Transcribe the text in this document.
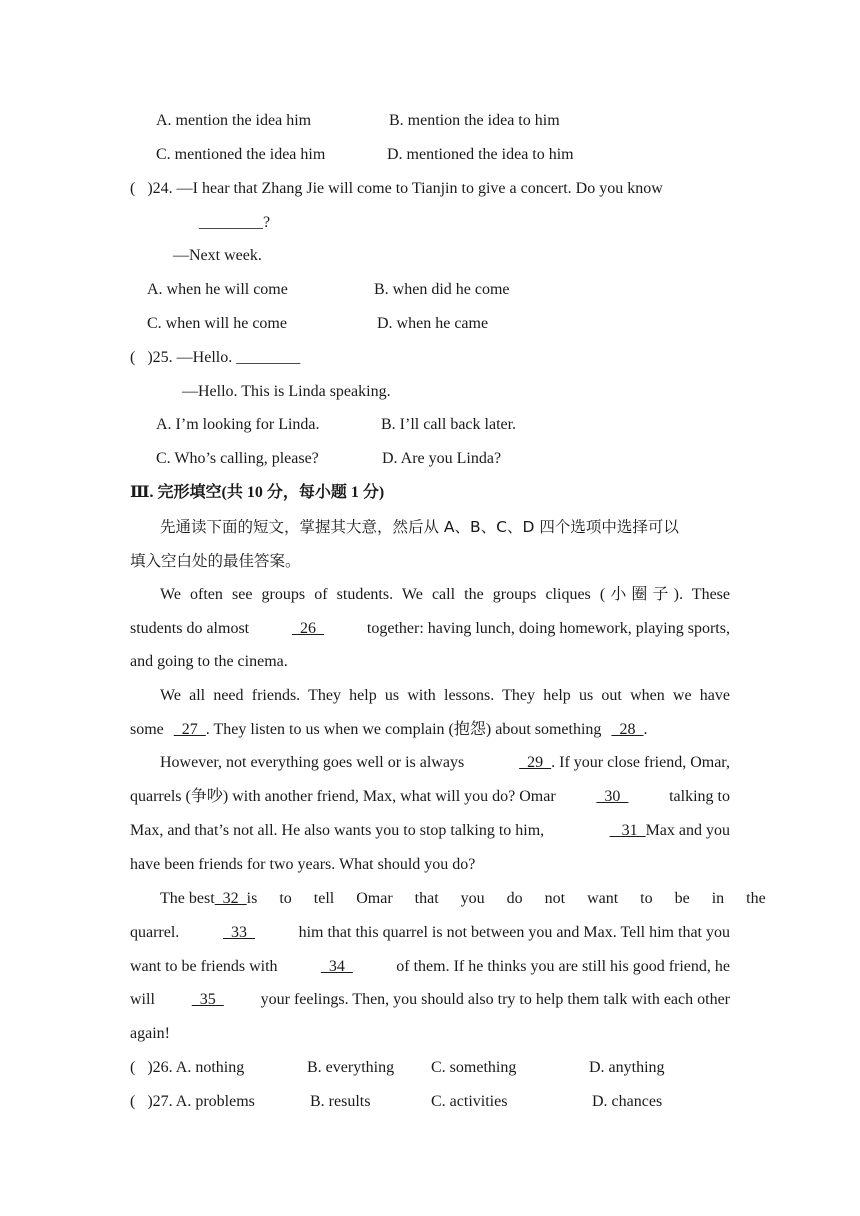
A. mention the idea him	B. mention the idea to him
C. mentioned the idea him	D. mentioned the idea to him
(   )24. —I hear that Zhang Jie will come to Tianjin to give a concert. Do you know
________?
—Next week.
A. when he will come	B. when did he come
C. when will he come	D. when he came
(   )25. —Hello. ________
—Hello. This is Linda speaking.
A. I’m looking for Linda.	B. I’ll call back later.
C. Who’s calling, please?	D. Are you Linda?
Ⅲ. 完形填空(共 10 分，每小题 1 分)
先通读下面的短文，掌握其大意，然后从 A、B、C、D 四个选项中选择可以
填入空白处的最佳答案。
We often see groups of students. We call the groups cliques (小圈子). These
students do almost	26	together: having lunch, doing homework, playing sports,
and going to the cinema.
We all need friends. They help us with lessons. They help us out when we have
some   27  . They listen to us when we complain (抱怨) about something   28  .
However, not everything goes well or is always	29  . If your close friend, Omar,
quarrels (争吵) with another friend, Max, what will you do? Omar	30	talking to
Max, and that’s not all. He also wants you to stop talking to him,	31  Max and you
have been friends for two years. What should you do?
The best 32 is to tell Omar that you do not want to be in the
quarrel.	33	him that this quarrel is not between you and Max. Tell him that you
want to be friends with	34	of them. If he thinks you are still his good friend, he
will 35 your feelings. Then, you should also try to help them talk with each other
again!
(   )26. A. nothing	B. everything C. something	D. anything
(   )27. A. problems	B. results	C. activities	D. chances
